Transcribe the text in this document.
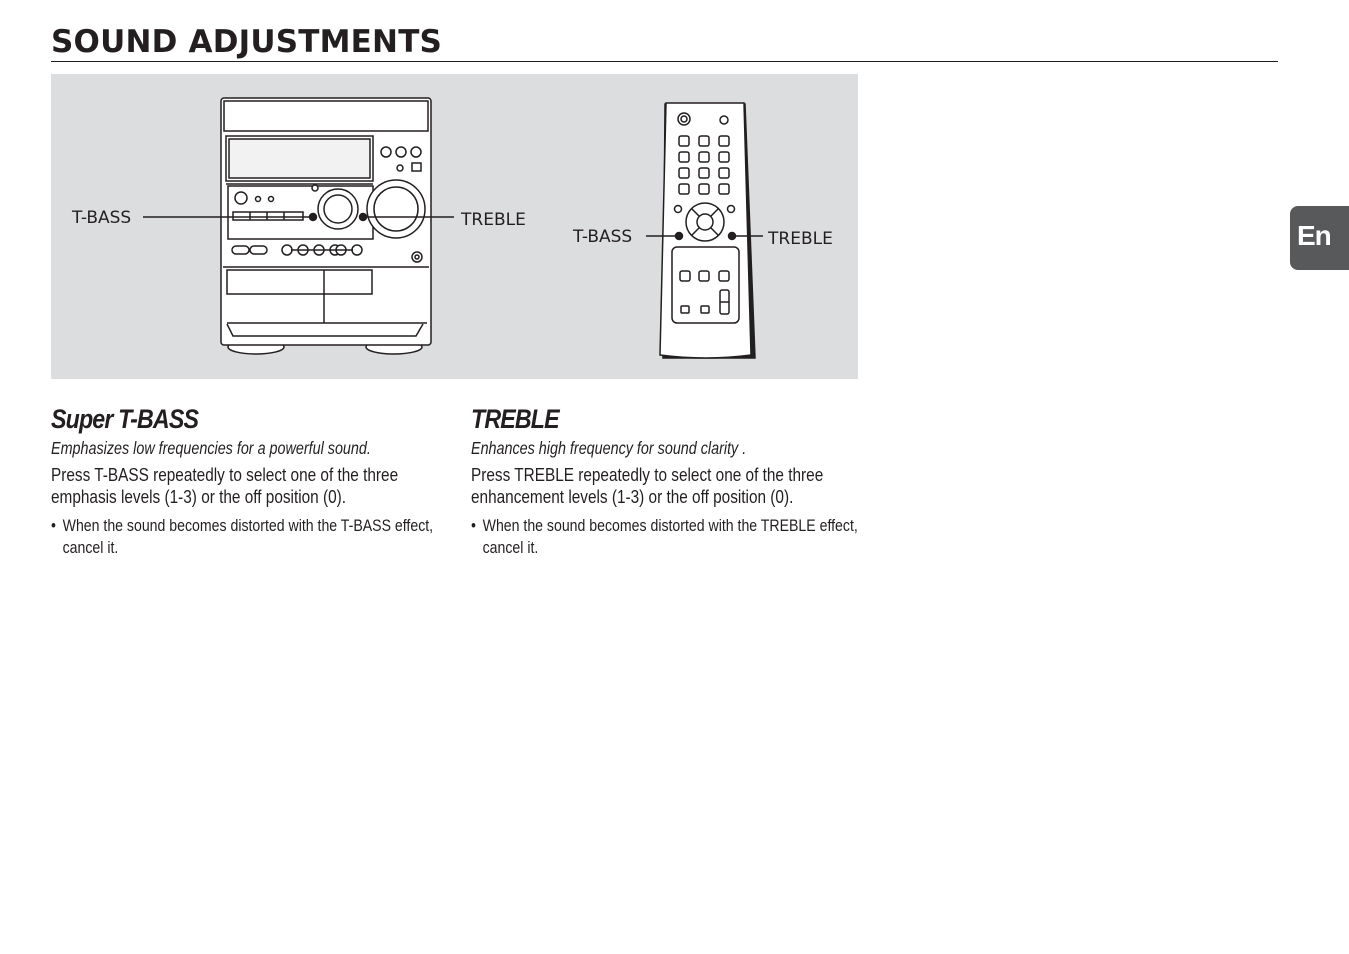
SOUND ADJUSTMENTS
T-BASS	TREBLE
T-BASS	TREBLE	En
Super T-BASS
Emphasizes low frequencies for a powerful sound.
Press T-BASS repeatedly to select one of the three emphasis levels (1-3) or the off position (0).
• When the sound becomes distorted with the T-BASS effect, cancel it.
TREBLE
Enhances high frequency for sound clarity .
Press TREBLE repeatedly to select one of the three enhancement levels (1-3) or the off position (0).
• When the sound becomes distorted with the TREBLE effect, cancel it.
